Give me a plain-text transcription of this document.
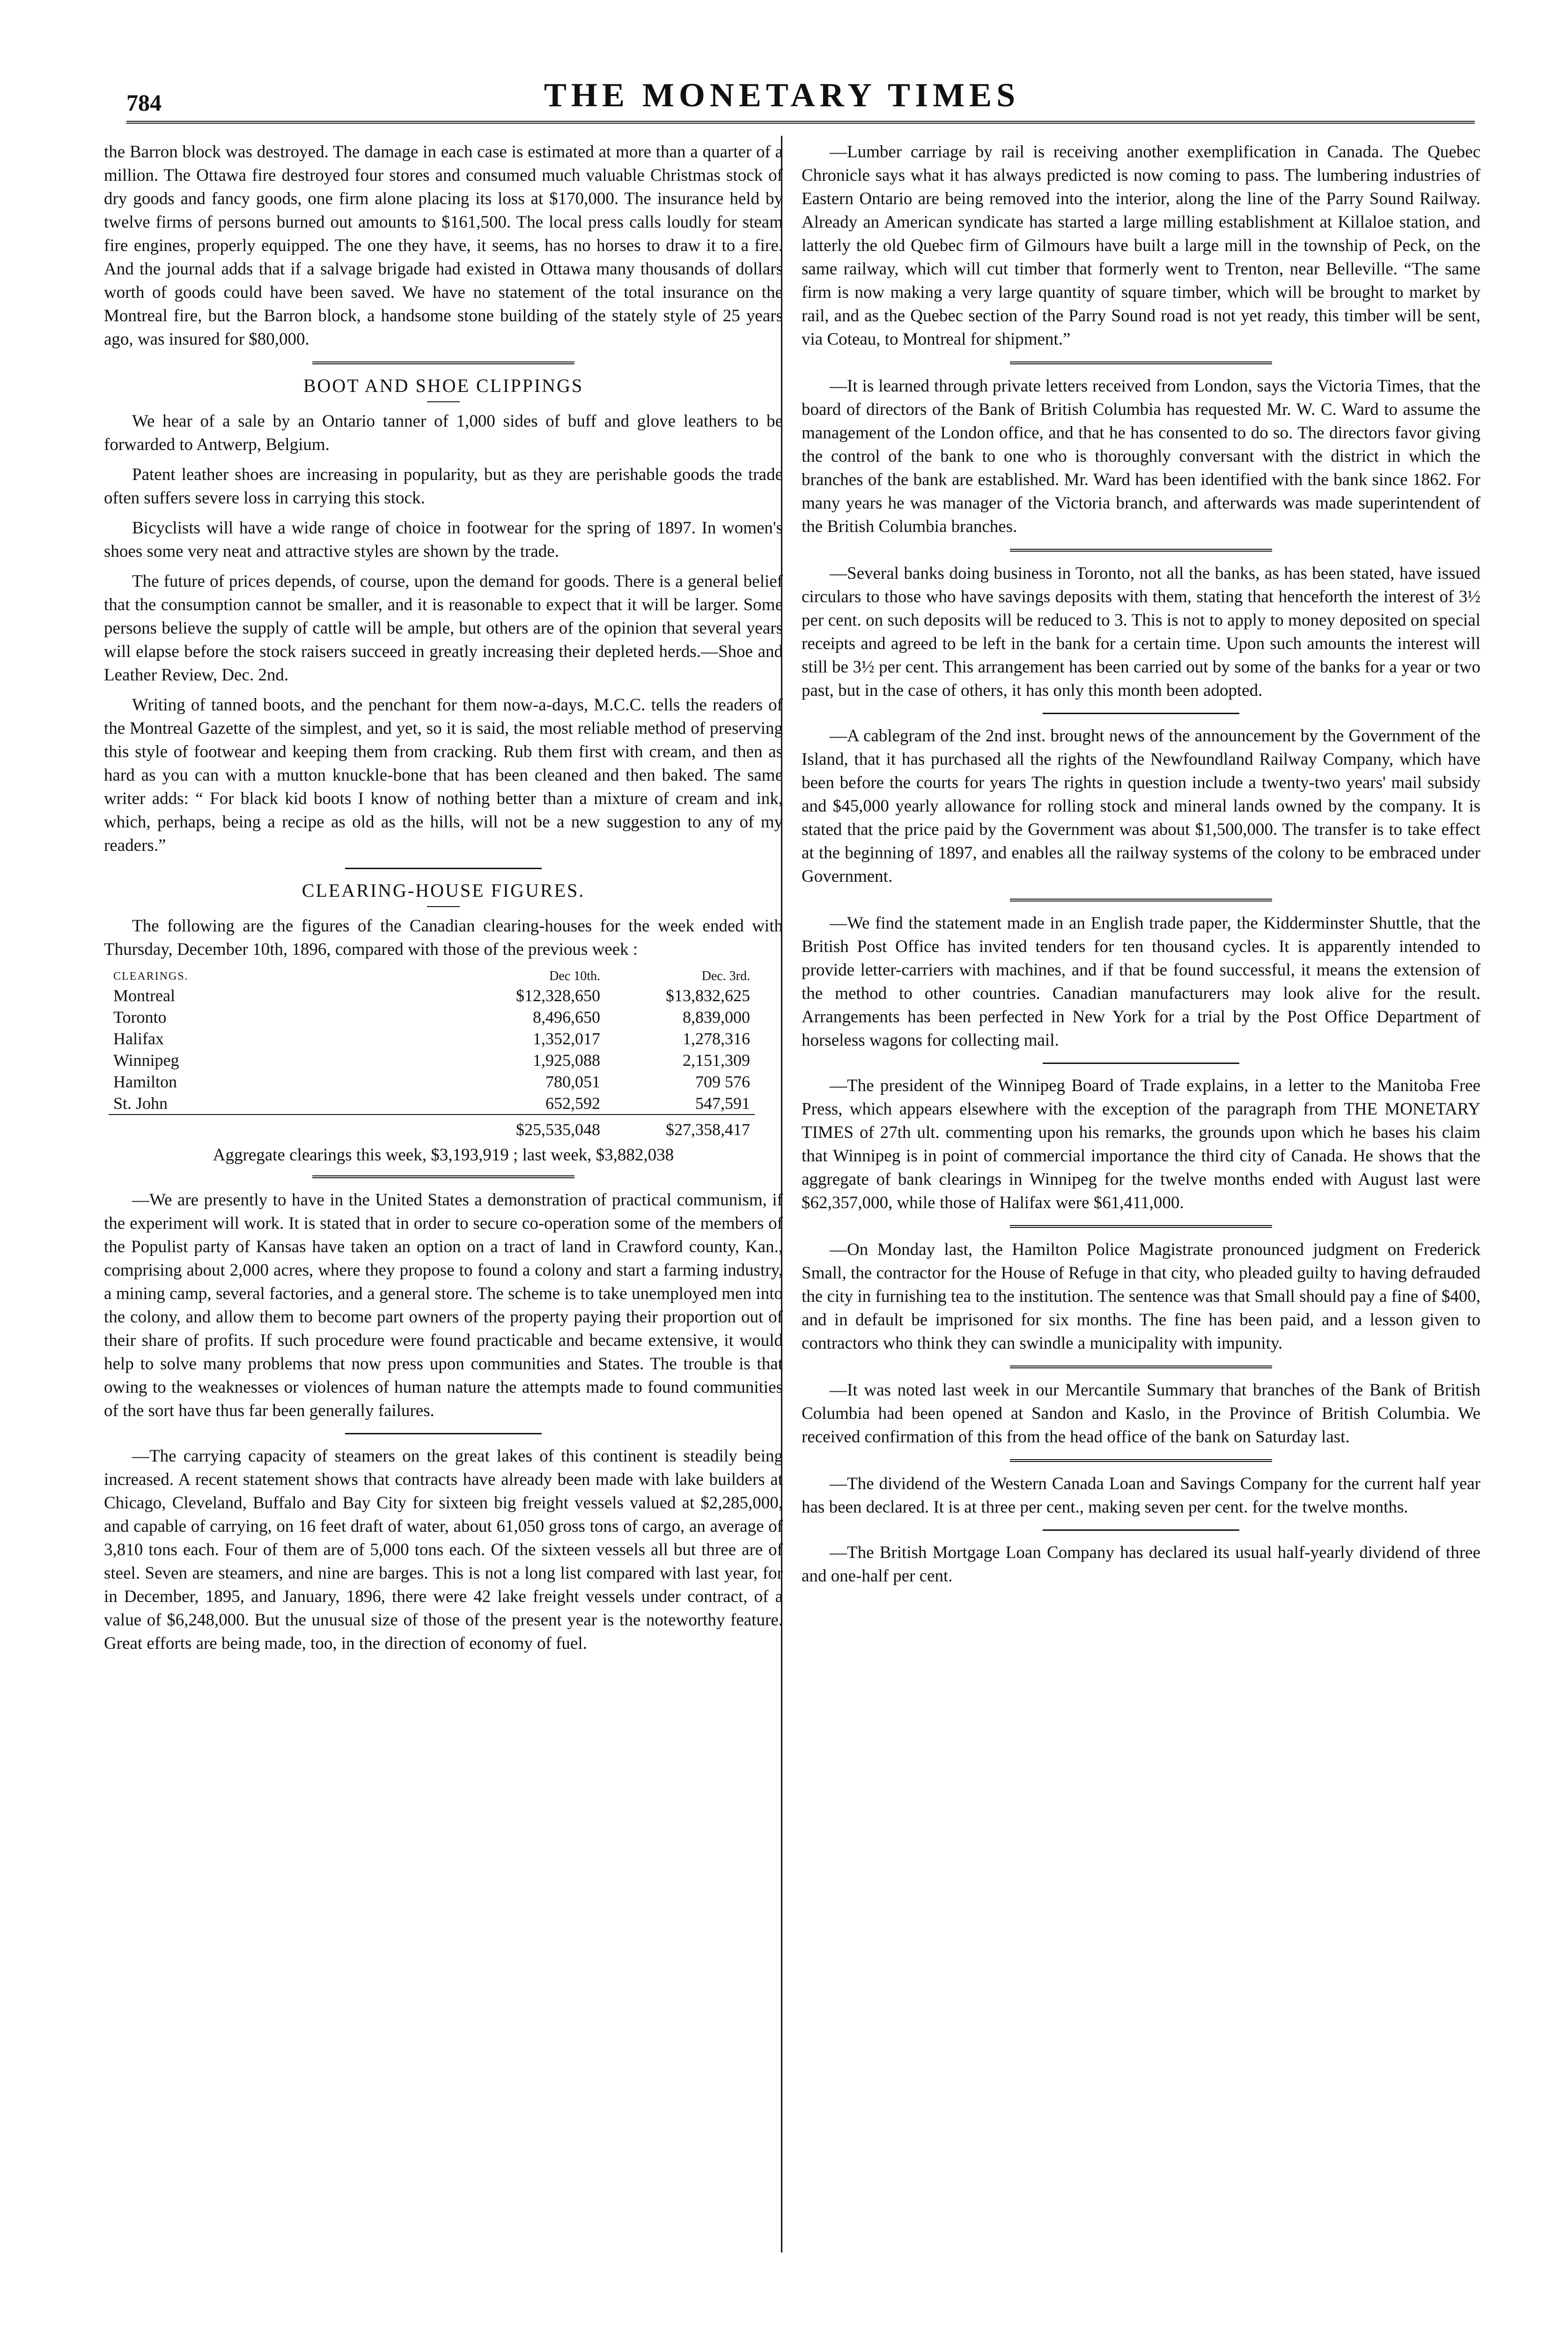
784	THE MONETARY TIMES

the Barron block was destroyed. The damage in each case is estimated at more than a quarter of a million. The Ottawa fire destroyed four stores and consumed much valuable Christmas stock of dry goods and fancy goods, one firm alone placing its loss at $170,000. The insurance held by twelve firms of persons burned out amounts to $161,500. The local press calls loudly for steam fire engines, properly equipped. The one they have, it seems, has no horses to draw it to a fire. And the journal adds that if a salvage brigade had existed in Ottawa many thousands of dollars worth of goods could have been saved. We have no statement of the total insurance on the Montreal fire, but the Barron block, a handsome stone building of the stately style of 25 years ago, was insured for $80,000.

BOOT AND SHOE CLIPPINGS

We hear of a sale by an Ontario tanner of 1,000 sides of buff and glove leathers to be forwarded to Antwerp, Belgium.

Patent leather shoes are increasing in popularity, but as they are perishable goods the trade often suffers severe loss in carrying this stock.

Bicyclists will have a wide range of choice in footwear for the spring of 1897. In women's shoes some very neat and attractive styles are shown by the trade.

The future of prices depends, of course, upon the demand for goods. There is a general belief that the consumption cannot be smaller, and it is reasonable to expect that it will be larger. Some persons believe the supply of cattle will be ample, but others are of the opinion that several years will elapse before the stock raisers succeed in greatly increasing their depleted herds.—Shoe and Leather Review, Dec. 2nd.

Writing of tanned boots, and the penchant for them now-a-days, M.C.C. tells the readers of the Montreal Gazette of the simplest, and yet, so it is said, the most reliable method of preserving this style of footwear and keeping them from cracking. Rub them first with cream, and then as hard as you can with a mutton knuckle-bone that has been cleaned and then baked. The same writer adds: “ For black kid boots I know of nothing better than a mixture of cream and ink, which, perhaps, being a recipe as old as the hills, will not be a new suggestion to any of my readers.”

CLEARING-HOUSE FIGURES.

The following are the figures of the Canadian clearing-houses for the week ended with Thursday, December 10th, 1896, compared with those of the previous week :

CLEARINGS.	Dec 10th.	Dec. 3rd.
Montreal	$12,328,650	$13,832,625
Toronto	8,496,650	8,839,000
Halifax	1,352,017	1,278,316
Winnipeg	1,925,088	2,151,309
Hamilton	780,051	709 576
St. John	652,592	547,591
	$25,535,048	$27,358,417
Aggregate clearings this week, $3,193,919 ; last week, $3,882,038

—We are presently to have in the United States a demonstration of practical communism, if the experiment will work. It is stated that in order to secure co-operation some of the members of the Populist party of Kansas have taken an option on a tract of land in Crawford county, Kan., comprising about 2,000 acres, where they propose to found a colony and start a farming industry, a mining camp, several factories, and a general store. The scheme is to take unemployed men into the colony, and allow them to become part owners of the property paying their proportion out of their share of profits. If such procedure were found practicable and became extensive, it would help to solve many problems that now press upon communities and States. The trouble is that owing to the weaknesses or violences of human nature the attempts made to found communities of the sort have thus far been generally failures.

—The carrying capacity of steamers on the great lakes of this continent is steadily being increased. A recent statement shows that contracts have already been made with lake builders at Chicago, Cleveland, Buffalo and Bay City for sixteen big freight vessels valued at $2,285,000, and capable of carrying, on 16 feet draft of water, about 61,050 gross tons of cargo, an average of 3,810 tons each. Four of them are of 5,000 tons each. Of the sixteen vessels all but three are of steel. Seven are steamers, and nine are barges. This is not a long list compared with last year, for in December, 1895, and January, 1896, there were 42 lake freight vessels under contract, of a value of $6,248,000. But the unusual size of those of the present year is the noteworthy feature. Great efforts are being made, too, in the direction of economy of fuel.

—Lumber carriage by rail is receiving another exemplification in Canada. The Quebec Chronicle says what it has always predicted is now coming to pass. The lumbering industries of Eastern Ontario are being removed into the interior, along the line of the Parry Sound Railway. Already an American syndicate has started a large milling establishment at Killaloe station, and latterly the old Quebec firm of Gilmours have built a large mill in the township of Peck, on the same railway, which will cut timber that formerly went to Trenton, near Belleville. “The same firm is now making a very large quantity of square timber, which will be brought to market by rail, and as the Quebec section of the Parry Sound road is not yet ready, this timber will be sent, via Coteau, to Montreal for shipment.”

—It is learned through private letters received from London, says the Victoria Times, that the board of directors of the Bank of British Columbia has requested Mr. W. C. Ward to assume the management of the London office, and that he has consented to do so. The directors favor giving the control of the bank to one who is thoroughly conversant with the district in which the branches of the bank are established. Mr. Ward has been identified with the bank since 1862. For many years he was manager of the Victoria branch, and afterwards was made superintendent of the British Columbia branches.

—Several banks doing business in Toronto, not all the banks, as has been stated, have issued circulars to those who have savings deposits with them, stating that henceforth the interest of 3½ per cent. on such deposits will be reduced to 3. This is not to apply to money deposited on special receipts and agreed to be left in the bank for a certain time. Upon such amounts the interest will still be 3½ per cent. This arrangement has been carried out by some of the banks for a year or two past, but in the case of others, it has only this month been adopted.

—A cablegram of the 2nd inst. brought news of the announcement by the Government of the Island, that it has purchased all the rights of the Newfoundland Railway Company, which have been before the courts for years The rights in question include a twenty-two years' mail subsidy and $45,000 yearly allowance for rolling stock and mineral lands owned by the company. It is stated that the price paid by the Government was about $1,500,000. The transfer is to take effect at the beginning of 1897, and enables all the railway systems of the colony to be embraced under Government.

—We find the statement made in an English trade paper, the Kidderminster Shuttle, that the British Post Office has invited tenders for ten thousand cycles. It is apparently intended to provide letter-carriers with machines, and if that be found successful, it means the extension of the method to other countries. Canadian manufacturers may look alive for the result. Arrangements has been perfected in New York for a trial by the Post Office Department of horseless wagons for collecting mail.

—The president of the Winnipeg Board of Trade explains, in a letter to the Manitoba Free Press, which appears elsewhere with the exception of the paragraph from THE MONETARY TIMES of 27th ult. commenting upon his remarks, the grounds upon which he bases his claim that Winnipeg is in point of commercial importance the third city of Canada. He shows that the aggregate of bank clearings in Winnipeg for the twelve months ended with August last were $62,357,000, while those of Halifax were $61,411,000.

—On Monday last, the Hamilton Police Magistrate pronounced judgment on Frederick Small, the contractor for the House of Refuge in that city, who pleaded guilty to having defrauded the city in furnishing tea to the institution. The sentence was that Small should pay a fine of $400, and in default be imprisoned for six months. The fine has been paid, and a lesson given to contractors who think they can swindle a municipality with impunity.

—It was noted last week in our Mercantile Summary that branches of the Bank of British Columbia had been opened at Sandon and Kaslo, in the Province of British Columbia. We received confirmation of this from the head office of the bank on Saturday last.

—The dividend of the Western Canada Loan and Savings Company for the current half year has been declared. It is at three per cent., making seven per cent. for the twelve months.

—The British Mortgage Loan Company has declared its usual half-yearly dividend of three and one-half per cent.
